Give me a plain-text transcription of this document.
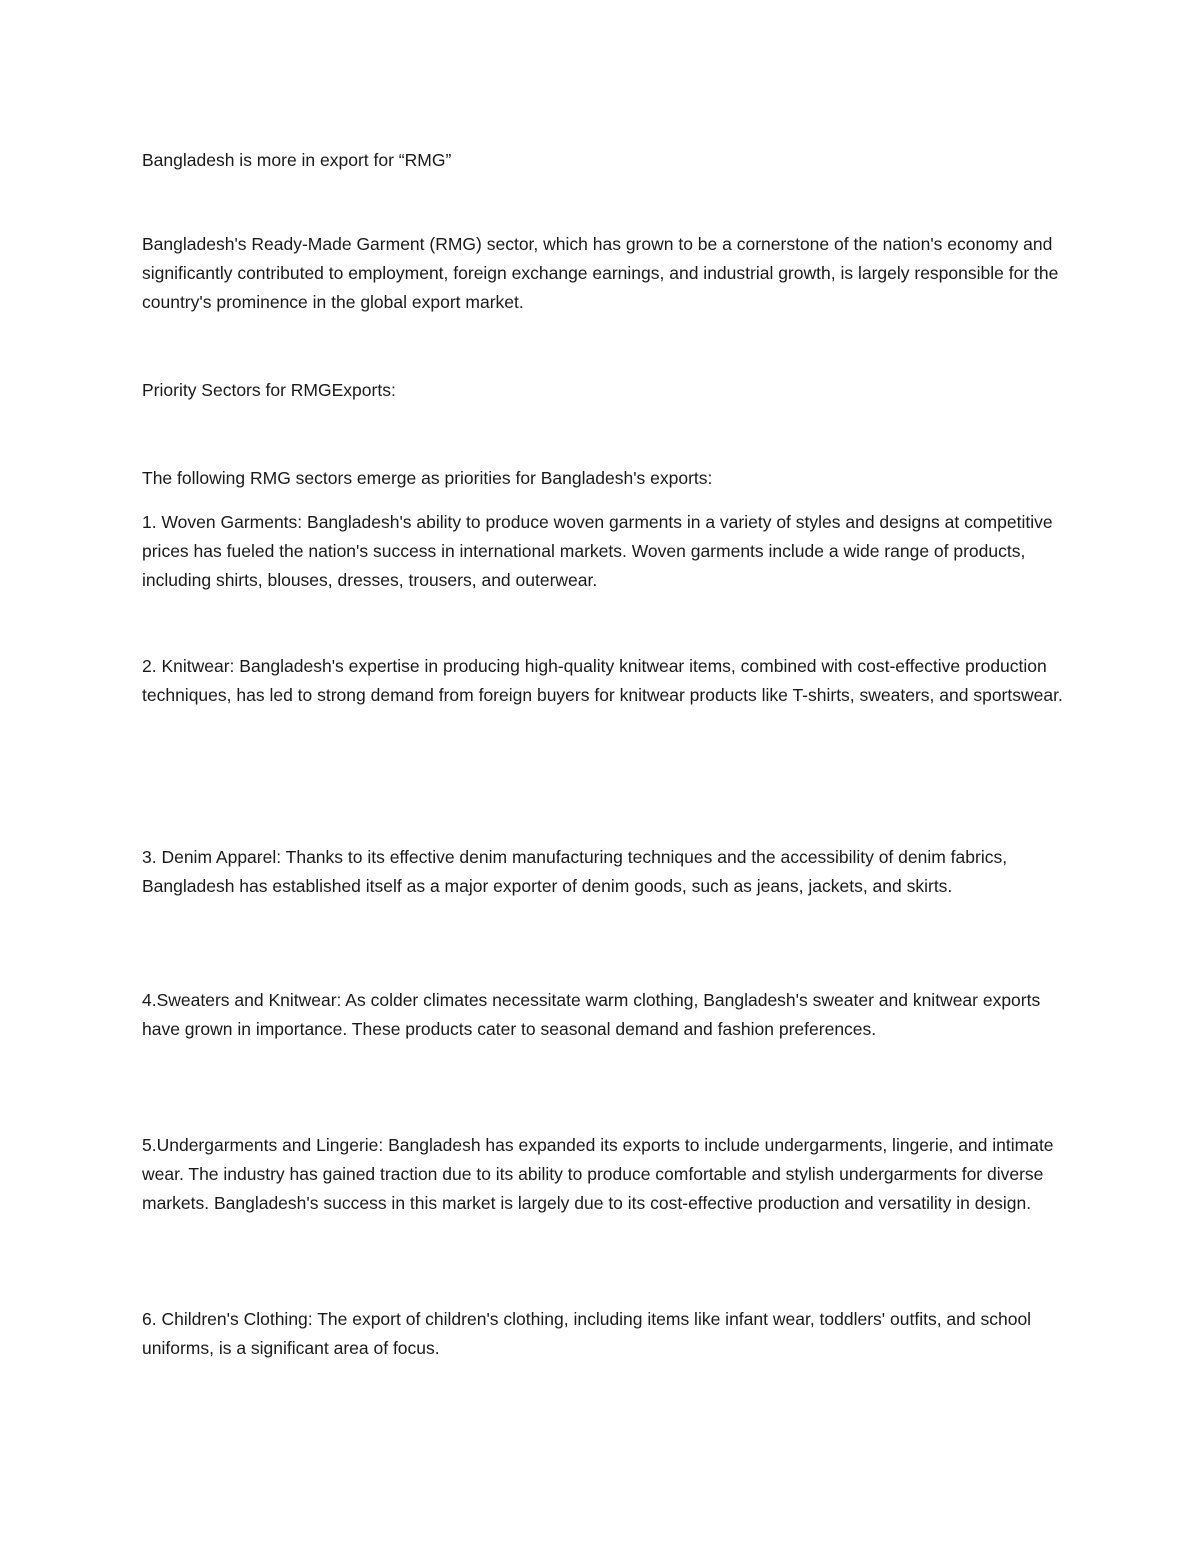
Bangladesh is more in export for “RMG”

Bangladesh's Ready-Made Garment (RMG) sector, which has grown to be a cornerstone of the nation's economy and significantly contributed to employment, foreign exchange earnings, and industrial growth, is largely responsible for the country's prominence in the global export market.

Priority Sectors for RMGExports:

The following RMG sectors emerge as priorities for Bangladesh's exports:

1. Woven Garments: Bangladesh's ability to produce woven garments in a variety of styles and designs at competitive prices has fueled the nation's success in international markets. Woven garments include a wide range of products, including shirts, blouses, dresses, trousers, and outerwear.

2. Knitwear: Bangladesh's expertise in producing high-quality knitwear items, combined with cost-effective production techniques, has led to strong demand from foreign buyers for knitwear products like T-shirts, sweaters, and sportswear.

3. Denim Apparel: Thanks to its effective denim manufacturing techniques and the accessibility of denim fabrics, Bangladesh has established itself as a major exporter of denim goods, such as jeans, jackets, and skirts.

4.Sweaters and Knitwear: As colder climates necessitate warm clothing, Bangladesh's sweater and knitwear exports have grown in importance. These products cater to seasonal demand and fashion preferences.

5.Undergarments and Lingerie: Bangladesh has expanded its exports to include undergarments, lingerie, and intimate wear. The industry has gained traction due to its ability to produce comfortable and stylish undergarments for diverse markets. Bangladesh's success in this market is largely due to its cost-effective production and versatility in design.

6. Children's Clothing: The export of children's clothing, including items like infant wear, toddlers' outfits, and school uniforms, is a significant area of focus.
